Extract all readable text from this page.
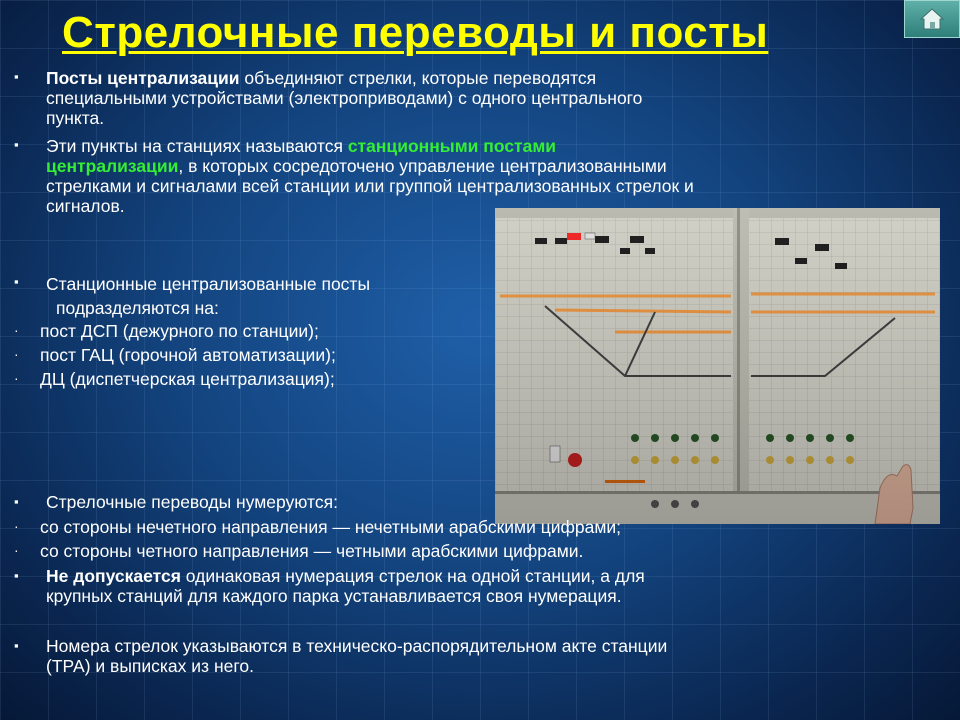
Стрелочные переводы и посты
▪ Посты централизации объединяют стрелки, которые переводятся
специальными устройствами (электроприводами) с одного центрального
пункта.
▪ Эти пункты на станциях называются станционными постами
централизации, в которых сосредоточено управление централизованными
стрелками и сигналами всей станции или группой централизованных стрелок и
сигналов.
▪ Станционные централизованные посты
подразделяются на:
· пост ДСП (дежурного по станции);
· пост ГАЦ (горочной автоматизации);
· ДЦ (диспетчерская централизация);
▪ Стрелочные переводы нумеруются:
· со стороны нечетного направления — нечетными арабскими цифрами;
· со стороны четного направления — четными арабскими цифрами.
▪ Не допускается одинаковая нумерация стрелок на одной станции, а для
крупных станций для каждого парка устанавливается своя нумерация.
▪ Номера стрелок указываются в техническо-распорядительном акте станции
(ТРА) и выписках из него.
